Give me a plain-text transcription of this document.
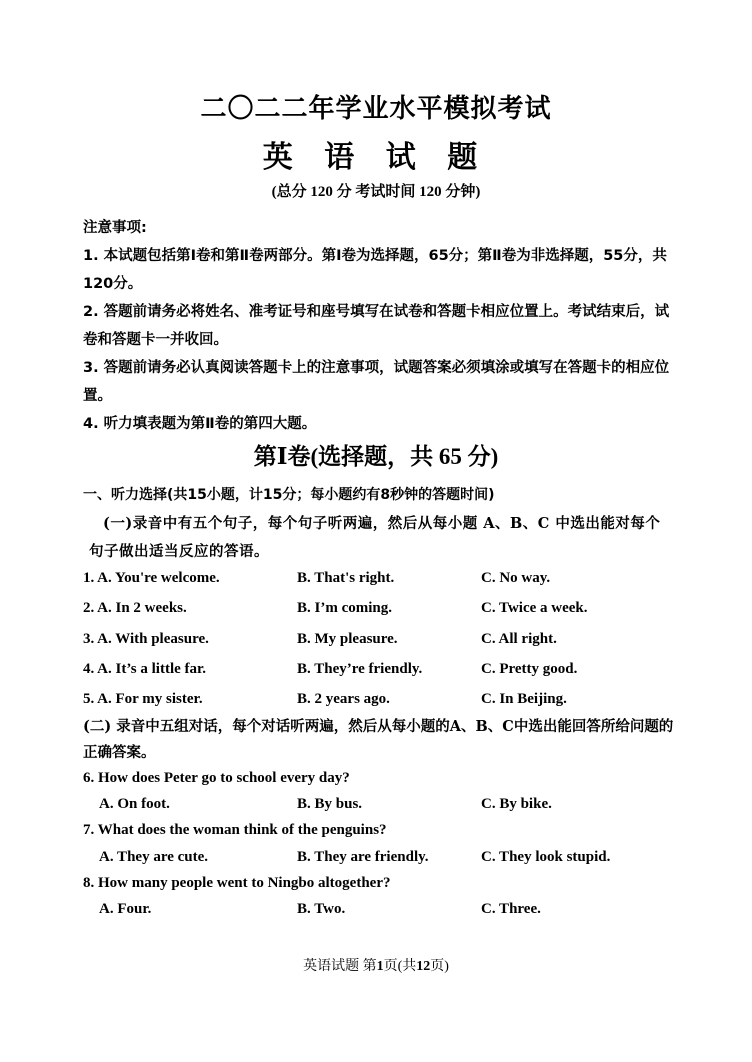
二〇二二年学业水平模拟考试
英 语 试 题
(总分 120 分 考试时间 120 分钟)

注意事项:

1. 本试题包括第Ⅰ卷和第Ⅱ卷两部分。第Ⅰ卷为选择题，65分；第Ⅱ卷为非选择题，55分，共 120分。

2. 答题前请务必将姓名、准考证号和座号填写在试卷和答题卡相应位置上。考试结束后，试卷和答题卡一并收回。

3. 答题前请务必认真阅读答题卡上的注意事项，试题答案必须填涂或填写在答题卡的相应位置。

4. 听力填表题为第Ⅱ卷的第四大题。

第Ⅰ卷(选择题，共 65 分)
一、听力选择(共15小题，计15分；每小题约有8秒钟的答题时间)
(一)录音中有五个句子，每个句子听两遍，然后从每小题 A、B、C 中选出能对每个
句子做出适当反应的答语。
1. A. You're welcome.	B. That's right.	C. No way.
2. A. In 2 weeks.	B. I’m coming.	C. Twice a week.
3. A. With pleasure.	B. My pleasure.	C. All right.
4. A. It’s a little far.	B. They’re friendly.	C. Pretty good.
5. A. For my sister.	B. 2 years ago.	C. In Beijing.
(二) 录音中五组对话，每个对话听两遍，然后从每小题的A、B、C中选出能回答所给问题的正确答案。
6. How does Peter go to school every day?
A. On foot.	B. By bus.	C. By bike.
7. What does the woman think of the penguins?
A. They are cute.	B. They are friendly.	C. They look stupid.
8. How many people went to Ningbo altogether?
A. Four.	B. Two.	C. Three.
英语试题 第1页(共12页)
